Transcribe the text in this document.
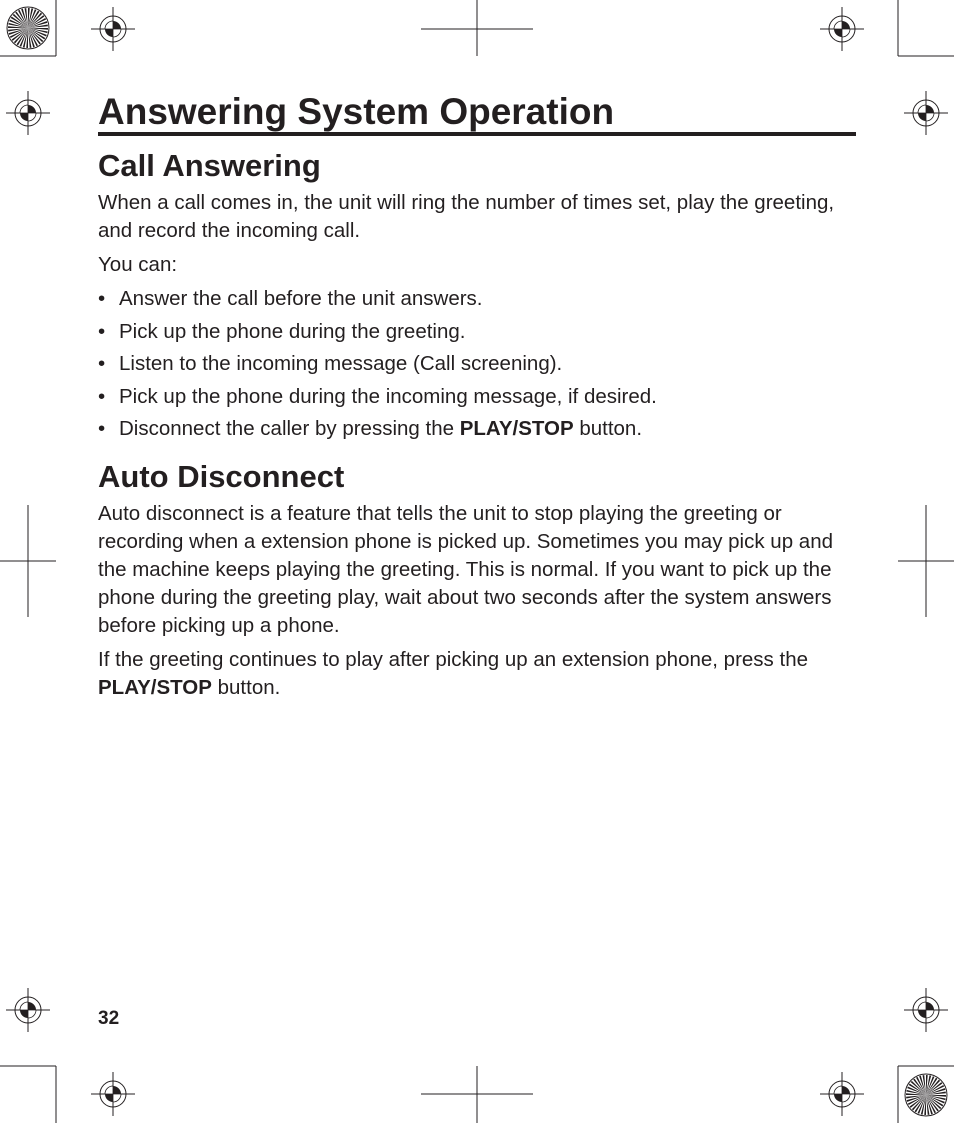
Answering System Operation
Call Answering

When a call comes in, the unit will ring the number of times set, play the greeting, and record the incoming call.

You can:

• Answer the call before the unit answers.
• Pick up the phone during the greeting.
• Listen to the incoming message (Call screening).
• Pick up the phone during the incoming message, if desired.
• Disconnect the caller by pressing the PLAY/STOP button.
Auto Disconnect

Auto disconnect is a feature that tells the unit to stop playing the greeting or recording when a extension phone is picked up. Sometimes you may pick up and the machine keeps playing the greeting. This is normal. If you want to pick up the phone during the greeting play, wait about two seconds after the system answers before picking up a phone.

If the greeting continues to play after picking up an extension phone, press the PLAY/STOP button.

32
